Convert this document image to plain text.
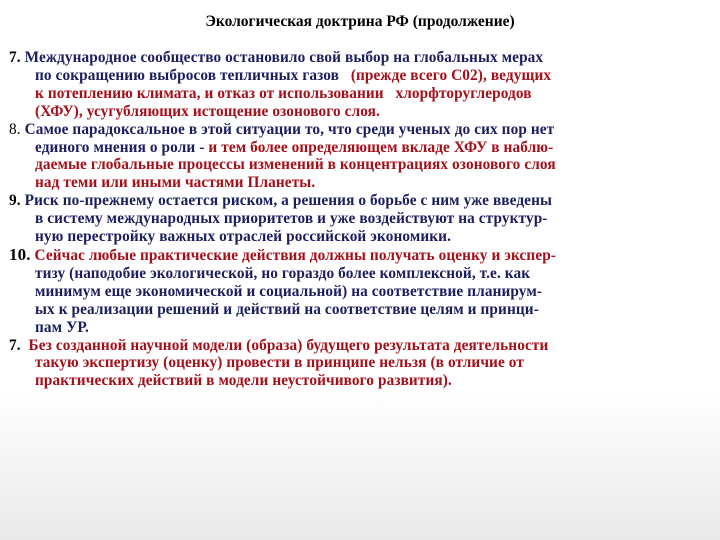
Экологическая доктрина РФ (продолжение)
7. Международное сообщество остановило свой выбор на глобальных мерах
по сокращению выбросов тепличных газов (прежде всего С02), ведущих
к потеплению климата, и отказ от использовании хлорфторуглеродов
(ХФУ), усугубляющих истощение озонового слоя.
8. Самое парадоксальное в этой ситуации то, что среди ученых до сих пор нет
единого мнения о роли - и тем более определяющем вкладе ХФУ в наблю-
даемые глобальные процессы изменений в концентрациях озонового слоя
над теми или иными частями Планеты.
9. Риск по-прежнему остается риском, а решения о борьбе с ним уже введены
в систему международных приоритетов и уже воздействуют на структур-
ную перестройку важных отраслей российской экономики.
10. Сейчас любые практические действия должны получать оценку и экспер-
тизу (наподобие экологической, но гораздо более комплексной, т.е. как
минимум еще экономической и социальной) на соответствие планирум-
ых к реализации решений и действий на соответствие целям и принци-
пам УР.
7. Без созданной научной модели (образа) будущего результата деятельности
такую экспертизу (оценку) провести в принципе нельзя (в отличие от
практических действий в модели неустойчивого развития).
